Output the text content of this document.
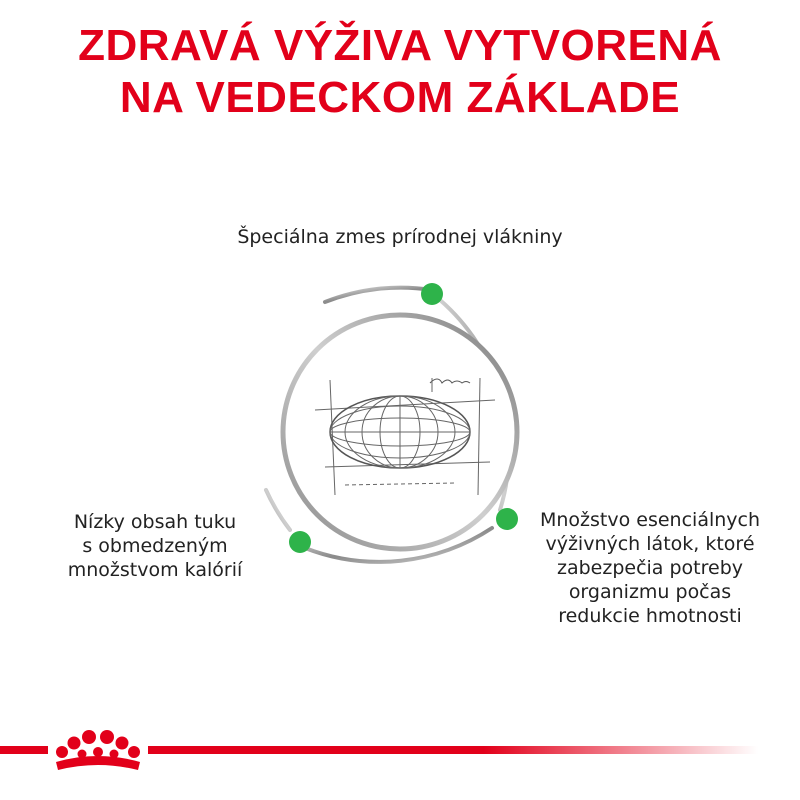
ZDRAVÁ VÝŽIVA VYTVORENÁ
NA VEDECKOM ZÁKLADE
Špeciálna zmes prírodnej vlákniny
Nízky obsah tuku
s obmedzeným
množstvom kalórií
Množstvo esenciálnych
výživných látok, ktoré
zabezpečia potreby
organizmu počas
redukcie hmotnosti
